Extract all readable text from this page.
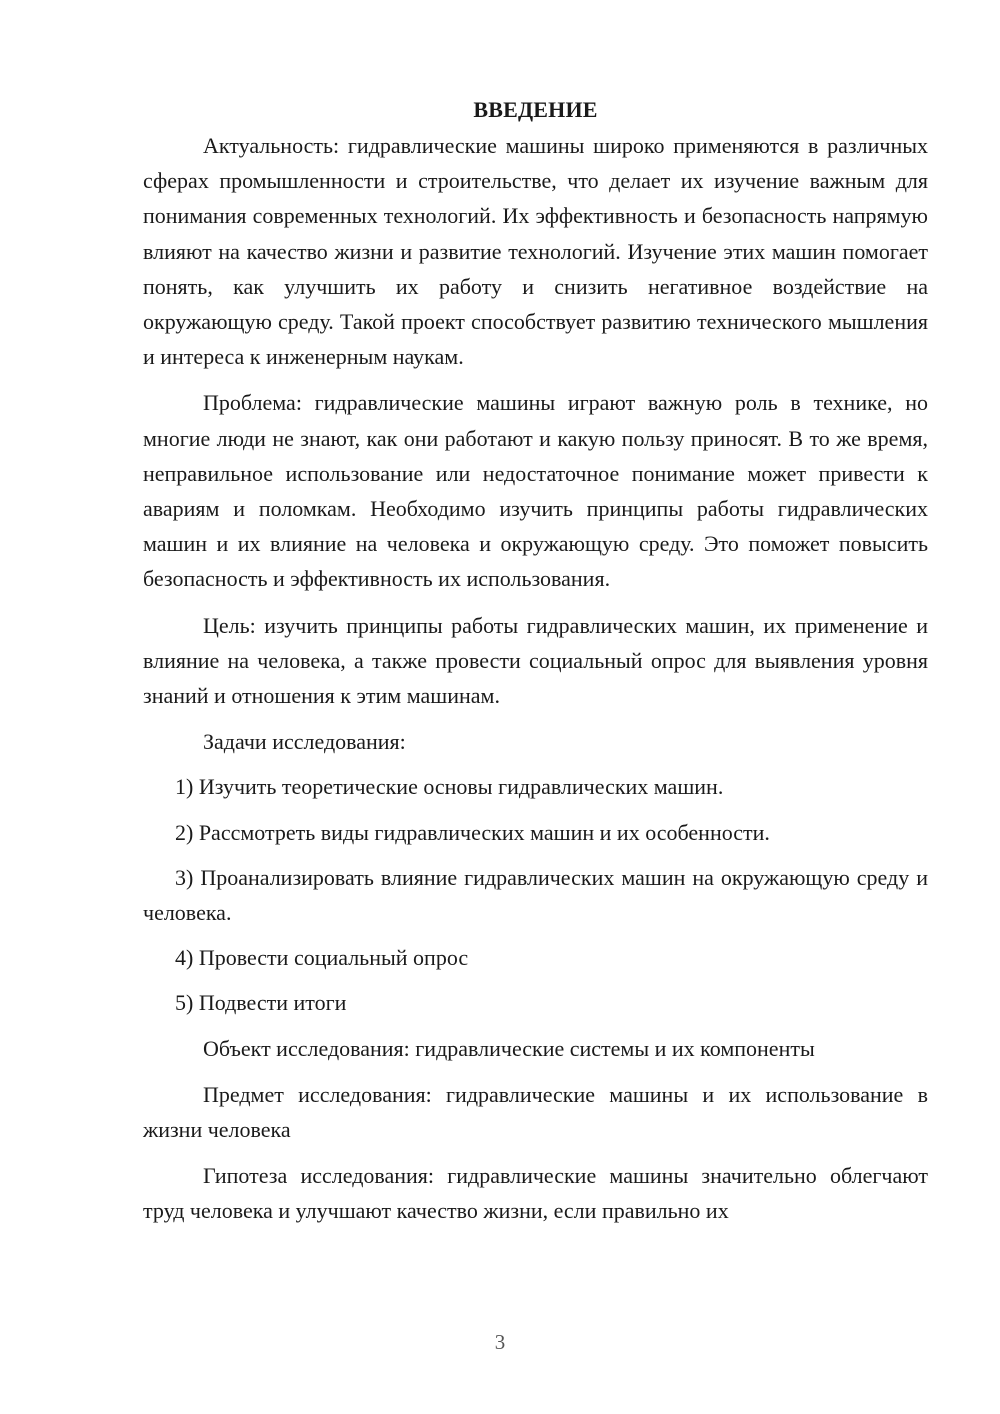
ВВЕДЕНИЕ

Актуальность: гидравлические машины широко применяются в различных сферах промышленности и строительстве, что делает их изучение важным для понимания современных технологий. Их эффективность и безопасность напрямую влияют на качество жизни и развитие технологий. Изучение этих машин помогает понять, как улучшить их работу и снизить негативное воздействие на окружающую среду. Такой проект способствует развитию технического мышления и интереса к инженерным наукам.

Проблема: гидравлические машины играют важную роль в технике, но многие люди не знают, как они работают и какую пользу приносят. В то же время, неправильное использование или недостаточное понимание может привести к авариям и поломкам. Необходимо изучить принципы работы гидравлических машин и их влияние на человека и окружающую среду. Это поможет повысить безопасность и эффективность их использования.

Цель: изучить принципы работы гидравлических машин, их применение и влияние на человека, а также провести социальный опрос для выявления уровня знаний и отношения к этим машинам.

Задачи исследования:

1) Изучить теоретические основы гидравлических машин.

2) Рассмотреть виды гидравлических машин и их особенности.

3) Проанализировать влияние гидравлических машин на окружающую среду и человека.

4) Провести социальный опрос

5) Подвести итоги

Объект исследования: гидравлические системы и их компоненты

Предмет исследования: гидравлические машины и их использование в жизни человека

Гипотеза исследования: гидравлические машины значительно облегчают труд человека и улучшают качество жизни, если правильно их

3
